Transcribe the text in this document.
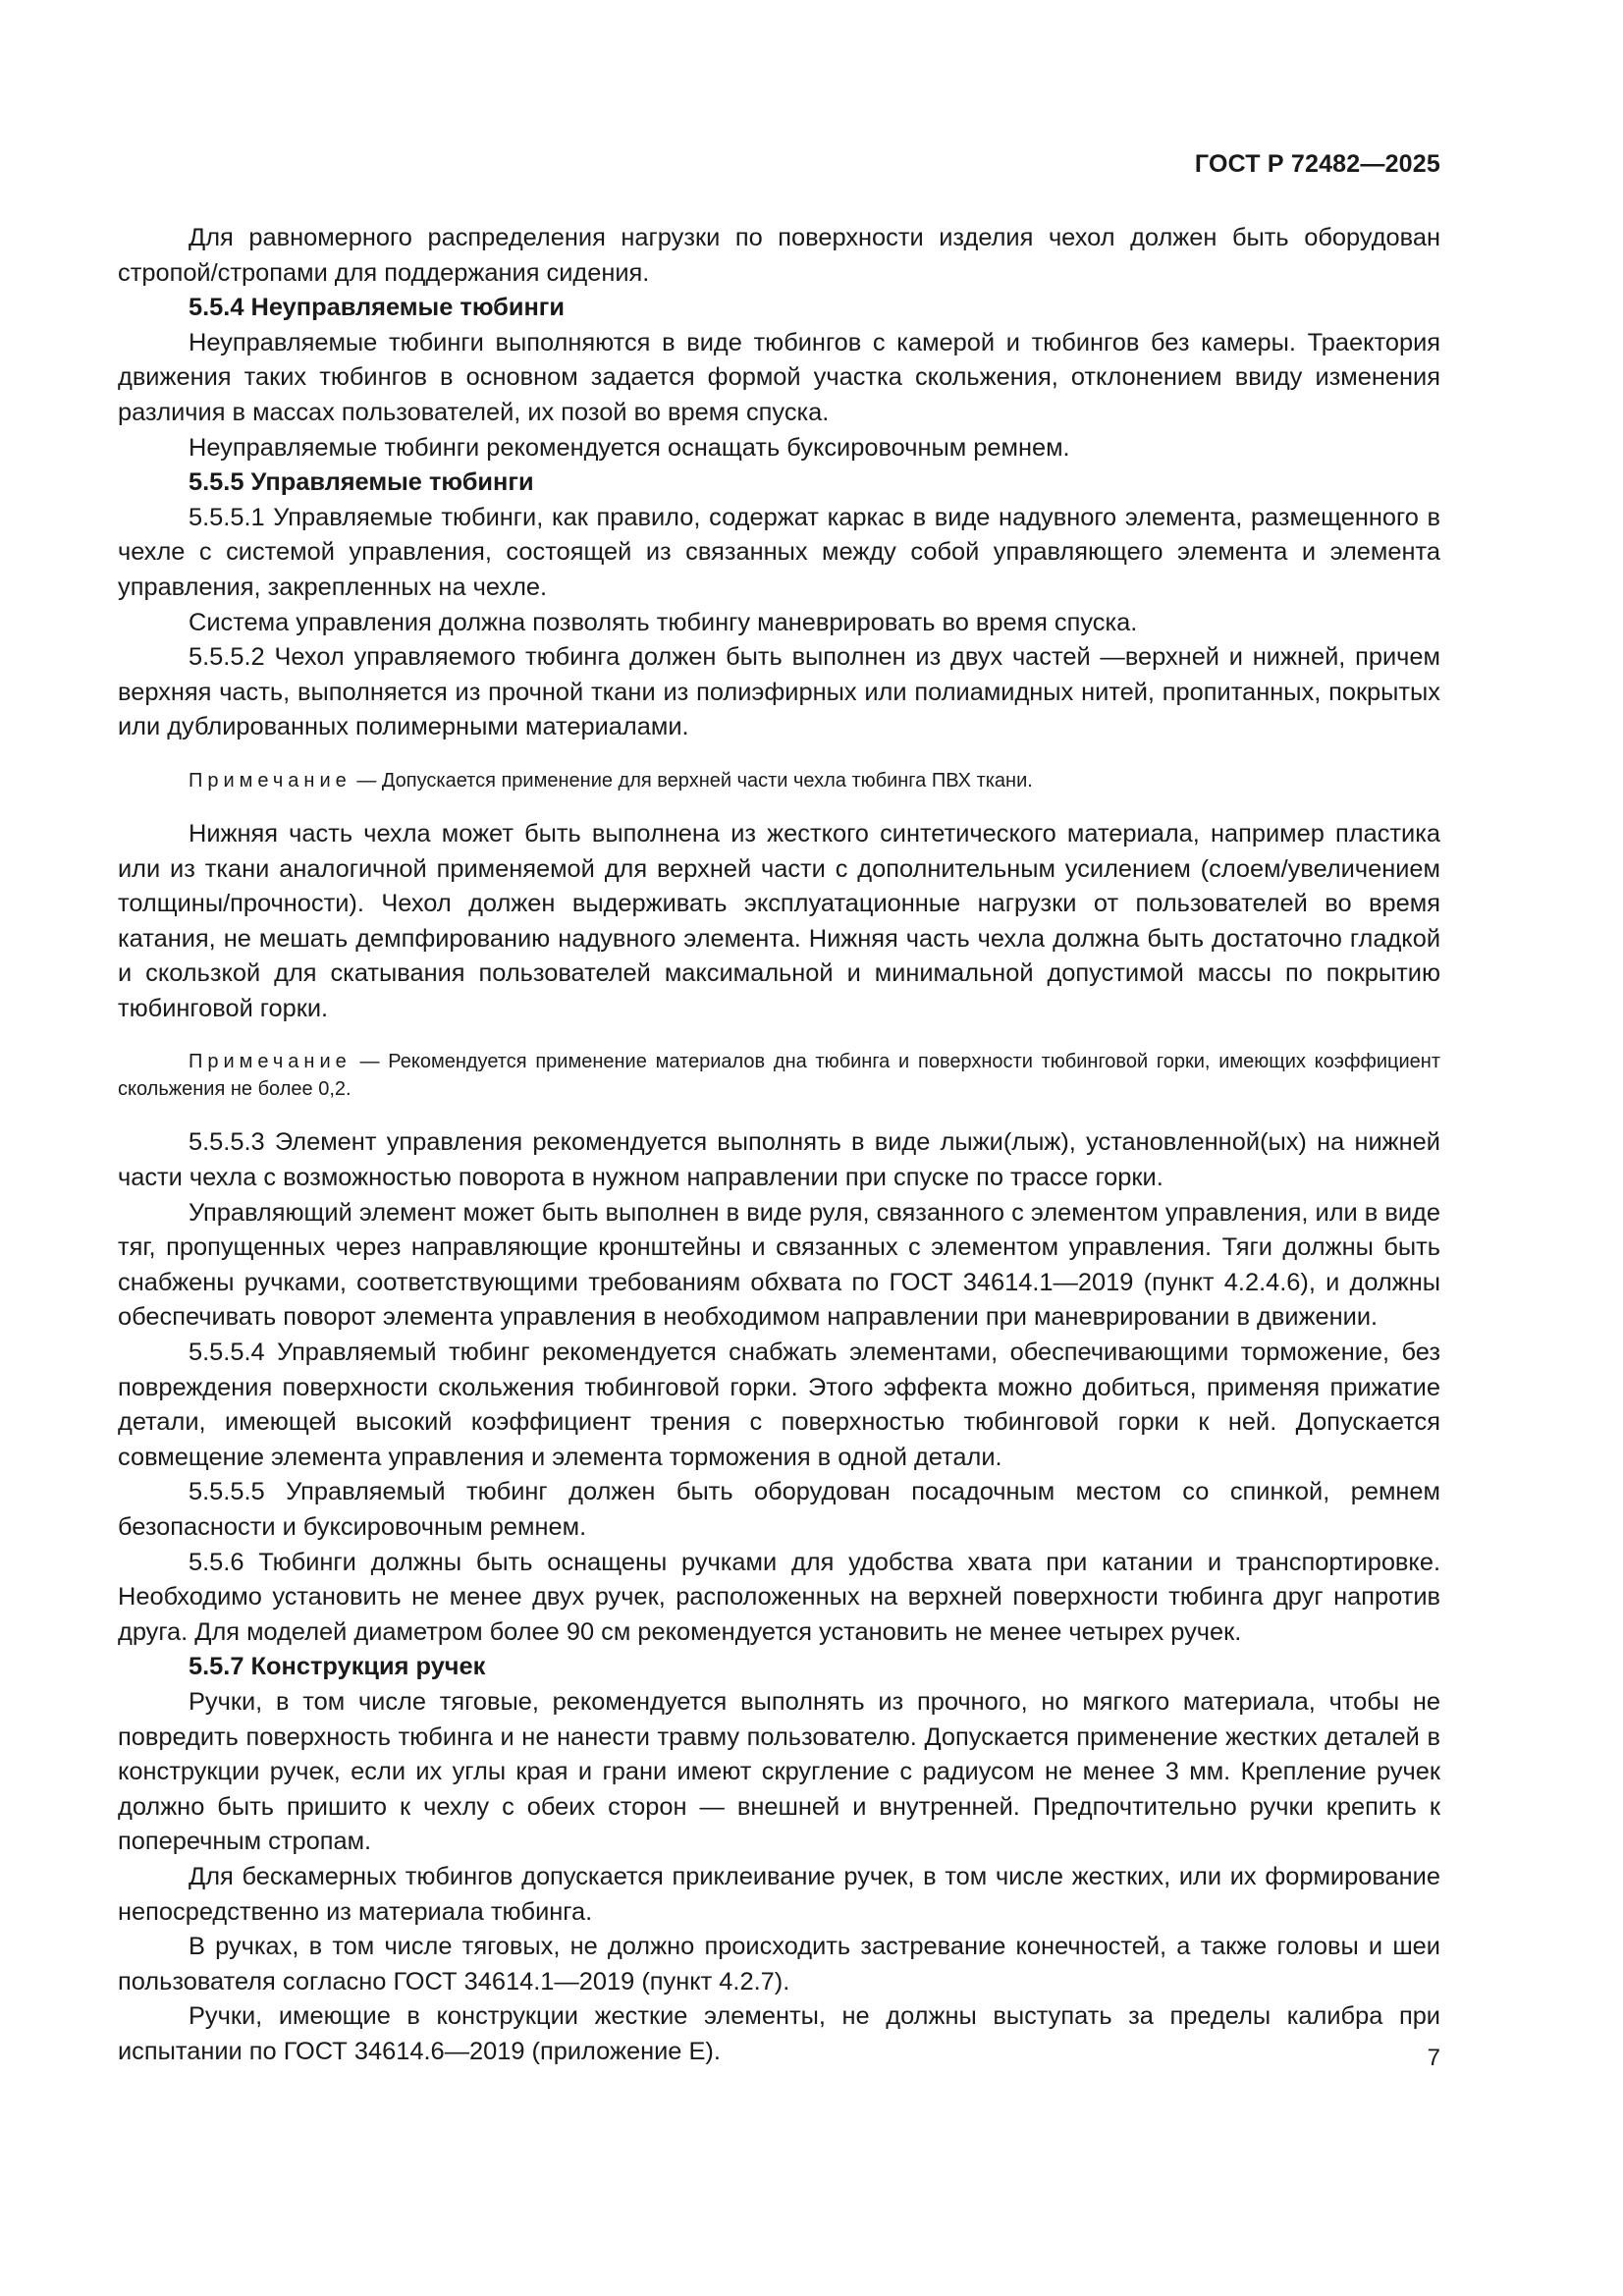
ГОСТ Р 72482—2025

Для равномерного распределения нагрузки по поверхности изделия чехол должен быть оборудован стропой/стропами для поддержания сидения.

5.5.4 Неуправляемые тюбинги

Неуправляемые тюбинги выполняются в виде тюбингов с камерой и тюбингов без камеры. Траектория движения таких тюбингов в основном задается формой участка скольжения, отклонением ввиду изменения различия в массах пользователей, их позой во время спуска.

Неуправляемые тюбинги рекомендуется оснащать буксировочным ремнем.

5.5.5 Управляемые тюбинги

5.5.5.1 Управляемые тюбинги, как правило, содержат каркас в виде надувного элемента, размещенного в чехле с системой управления, состоящей из связанных между собой управляющего элемента и элемента управления, закрепленных на чехле.

Система управления должна позволять тюбингу маневрировать во время спуска.

5.5.5.2 Чехол управляемого тюбинга должен быть выполнен из двух частей —верхней и нижней, причем верхняя часть, выполняется из прочной ткани из полиэфирных или полиамидных нитей, пропитанных, покрытых или дублированных полимерными материалами.

Примечание — Допускается применение для верхней части чехла тюбинга ПВХ ткани.

Нижняя часть чехла может быть выполнена из жесткого синтетического материала, например пластика или из ткани аналогичной применяемой для верхней части с дополнительным усилением (слоем/увеличением толщины/прочности). Чехол должен выдерживать эксплуатационные нагрузки от пользователей во время катания, не мешать демпфированию надувного элемента. Нижняя часть чехла должна быть достаточно гладкой и скользкой для скатывания пользователей максимальной и минимальной допустимой массы по покрытию тюбинговой горки.

Примечание — Рекомендуется применение материалов дна тюбинга и поверхности тюбинговой горки, имеющих коэффициент скольжения не более 0,2.

5.5.5.3 Элемент управления рекомендуется выполнять в виде лыжи(лыж), установленной(ых) на нижней части чехла с возможностью поворота в нужном направлении при спуске по трассе горки.

Управляющий элемент может быть выполнен в виде руля, связанного с элементом управления, или в виде тяг, пропущенных через направляющие кронштейны и связанных с элементом управления. Тяги должны быть снабжены ручками, соответствующими требованиям обхвата по ГОСТ 34614.1—2019 (пункт 4.2.4.6), и должны обеспечивать поворот элемента управления в необходимом направлении при маневрировании в движении.

5.5.5.4 Управляемый тюбинг рекомендуется снабжать элементами, обеспечивающими торможение, без повреждения поверхности скольжения тюбинговой горки. Этого эффекта можно добиться, применяя прижатие детали, имеющей высокий коэффициент трения с поверхностью тюбинговой горки к ней. Допускается совмещение элемента управления и элемента торможения в одной детали.

5.5.5.5 Управляемый тюбинг должен быть оборудован посадочным местом со спинкой, ремнем безопасности и буксировочным ремнем.

5.5.6 Тюбинги должны быть оснащены ручками для удобства хвата при катании и транспортировке. Необходимо установить не менее двух ручек, расположенных на верхней поверхности тюбинга друг напротив друга. Для моделей диаметром более 90 см рекомендуется установить не менее четырех ручек.

5.5.7 Конструкция ручек

Ручки, в том числе тяговые, рекомендуется выполнять из прочного, но мягкого материала, чтобы не повредить поверхность тюбинга и не нанести травму пользователю. Допускается применение жестких деталей в конструкции ручек, если их углы края и грани имеют скругление с радиусом не менее 3 мм. Крепление ручек должно быть пришито к чехлу с обеих сторон — внешней и внутренней. Предпочтительно ручки крепить к поперечным стропам.

Для бескамерных тюбингов допускается приклеивание ручек, в том числе жестких, или их формирование непосредственно из материала тюбинга.

В ручках, в том числе тяговых, не должно происходить застревание конечностей, а также головы и шеи пользователя согласно ГОСТ 34614.1—2019 (пункт 4.2.7).

Ручки, имеющие в конструкции жесткие элементы, не должны выступать за пределы калибра при испытании по ГОСТ 34614.6—2019 (приложение Е).	7
